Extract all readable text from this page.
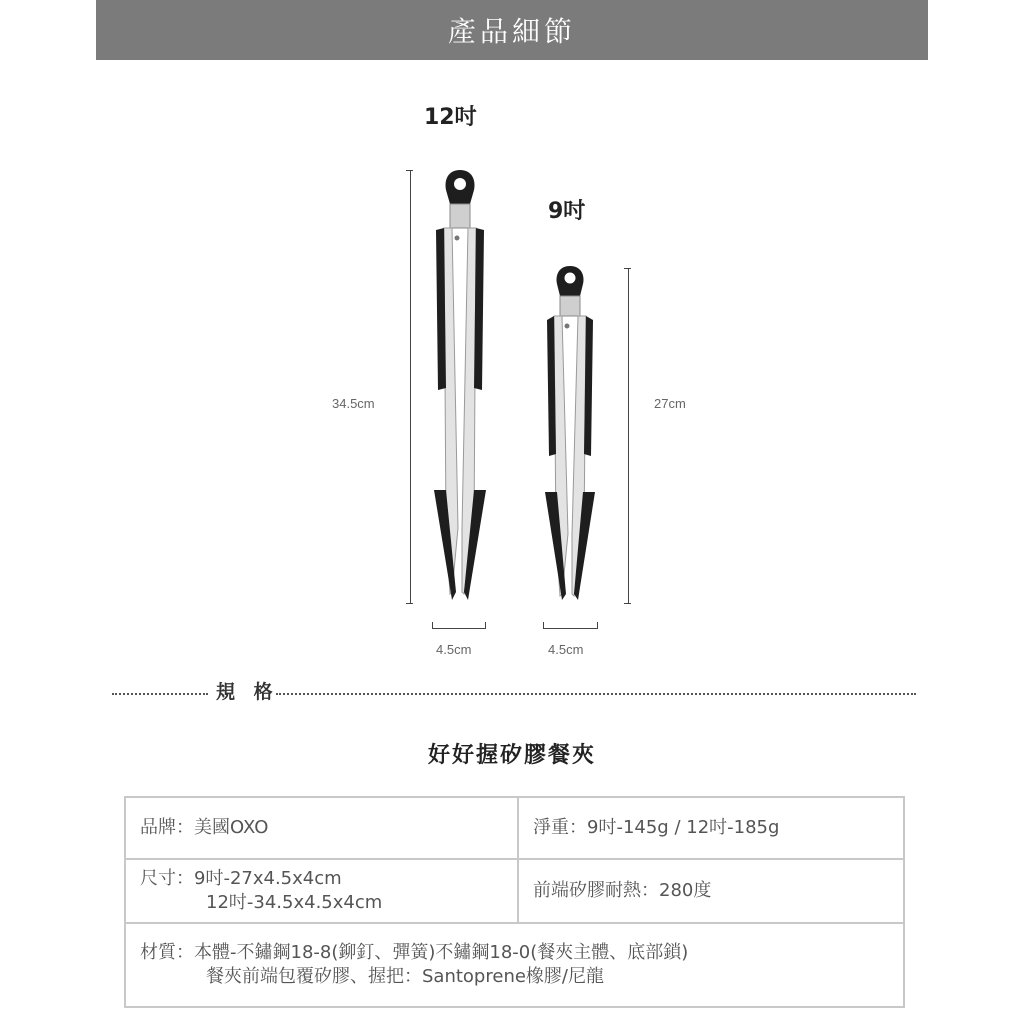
產品細節
12吋
9吋
34.5cm	27cm
4.5cm	4.5cm
規 格
好好握矽膠餐夾
品牌：美國OXO	淨重：9吋-145g / 12吋-185g

尺寸：9吋-27x4.5x4cm
12吋-34.5x4.5x4cm	前端矽膠耐熱：280度

材質：本體-不鏽鋼18-8(鉚釘、彈簧)不鏽鋼18-0(餐夾主體、底部鎖)
餐夾前端包覆矽膠、握把：Santoprene橡膠/尼龍	
